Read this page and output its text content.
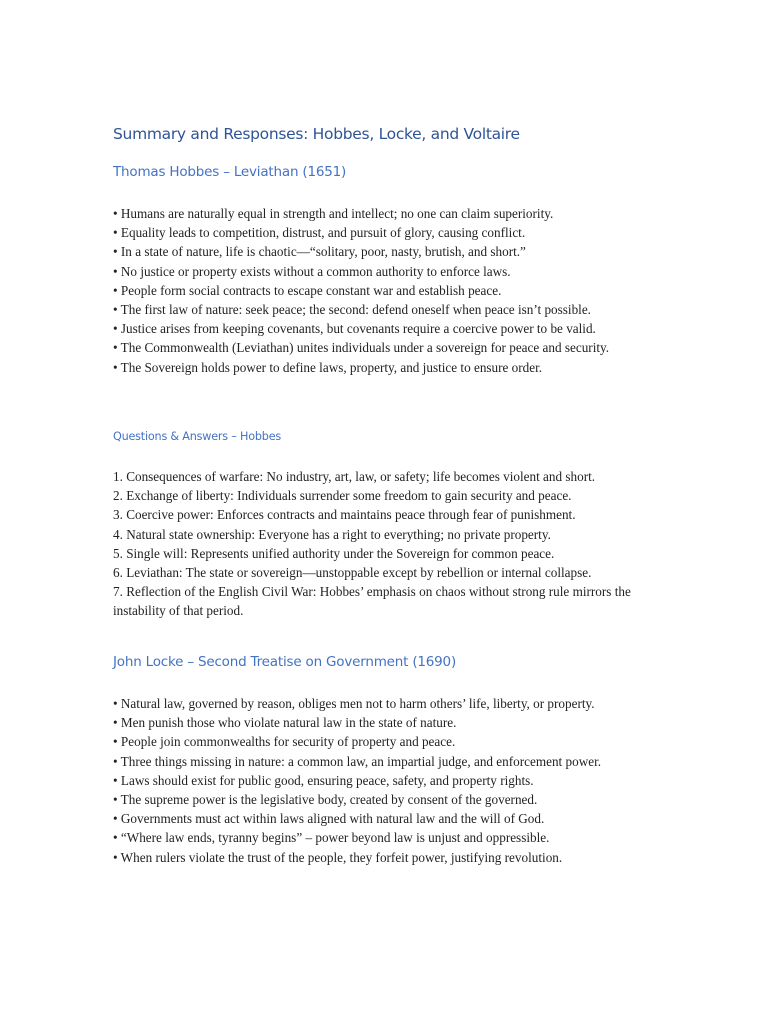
Summary and Responses: Hobbes, Locke, and Voltaire
Thomas Hobbes – Leviathan (1651)
• Humans are naturally equal in strength and intellect; no one can claim superiority.
• Equality leads to competition, distrust, and pursuit of glory, causing conflict.
• In a state of nature, life is chaotic—“solitary, poor, nasty, brutish, and short.”
• No justice or property exists without a common authority to enforce laws.
• People form social contracts to escape constant war and establish peace.
• The first law of nature: seek peace; the second: defend oneself when peace isn’t possible.
• Justice arises from keeping covenants, but covenants require a coercive power to be valid.
• The Commonwealth (Leviathan) unites individuals under a sovereign for peace and security.
• The Sovereign holds power to define laws, property, and justice to ensure order.
Questions & Answers – Hobbes
1. Consequences of warfare: No industry, art, law, or safety; life becomes violent and short.
2. Exchange of liberty: Individuals surrender some freedom to gain security and peace.
3. Coercive power: Enforces contracts and maintains peace through fear of punishment.
4. Natural state ownership: Everyone has a right to everything; no private property.
5. Single will: Represents unified authority under the Sovereign for common peace.
6. Leviathan: The state or sovereign—unstoppable except by rebellion or internal collapse.
7. Reflection of the English Civil War: Hobbes’ emphasis on chaos without strong rule mirrors the instability of that period.
John Locke – Second Treatise on Government (1690)
• Natural law, governed by reason, obliges men not to harm others’ life, liberty, or property.
• Men punish those who violate natural law in the state of nature.
• People join commonwealths for security of property and peace.
• Three things missing in nature: a common law, an impartial judge, and enforcement power.
• Laws should exist for public good, ensuring peace, safety, and property rights.
• The supreme power is the legislative body, created by consent of the governed.
• Governments must act within laws aligned with natural law and the will of God.
• “Where law ends, tyranny begins” – power beyond law is unjust and oppressible.
• When rulers violate the trust of the people, they forfeit power, justifying revolution.
